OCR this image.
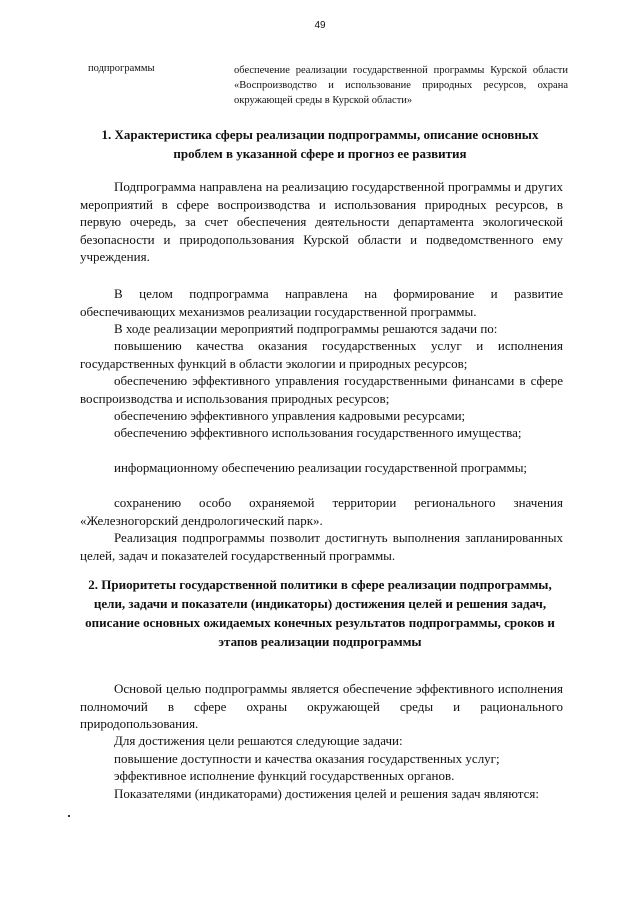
49
подпрограммы	обеспечение реализации государственной программы Курской области «Воспроизводство и использование природных ресурсов, охрана окружающей среды в Курской области»
1. Характеристика сферы реализации подпрограммы, описание основных проблем в указанной сфере и прогноз ее развития

Подпрограмма направлена на реализацию государственной программы и других мероприятий в сфере воспроизводства и использования природных ресурсов, в первую очередь, за счет обеспечения деятельности департамента экологической безопасности и природопользования Курской области и подведомственного ему учреждения.

В целом подпрограмма направлена на формирование и развитие обеспечивающих механизмов реализации государственной программы.

В ходе реализации мероприятий подпрограммы решаются задачи по:

повышению качества оказания государственных услуг и исполнения государственных функций в области экологии и природных ресурсов;

обеспечению эффективного управления государственными финансами в сфере воспроизводства и использования природных ресурсов;

обеспечению эффективного управления кадровыми ресурсами;

обеспечению эффективного использования государственного имущества;

информационному обеспечению реализации государственной программы;

сохранению особо охраняемой территории регионального значения «Железногорский дендрологический парк».

Реализация подпрограммы позволит достигнуть выполнения запланированных целей, задач и показателей государственный программы.

2. Приоритеты государственной политики в сфере реализации подпрограммы, цели, задачи и показатели (индикаторы) достижения целей и решения задач, описание основных ожидаемых конечных результатов подпрограммы, сроков и этапов реализации подпрограммы

Основой целью подпрограммы является обеспечение эффективного исполнения полномочий в сфере охраны окружающей среды и рационального природопользования.

Для достижения цели решаются следующие задачи:

повышение доступности и качества оказания государственных услуг;

эффективное исполнение функций государственных органов.

Показателями (индикаторами) достижения целей и решения задач являются:
